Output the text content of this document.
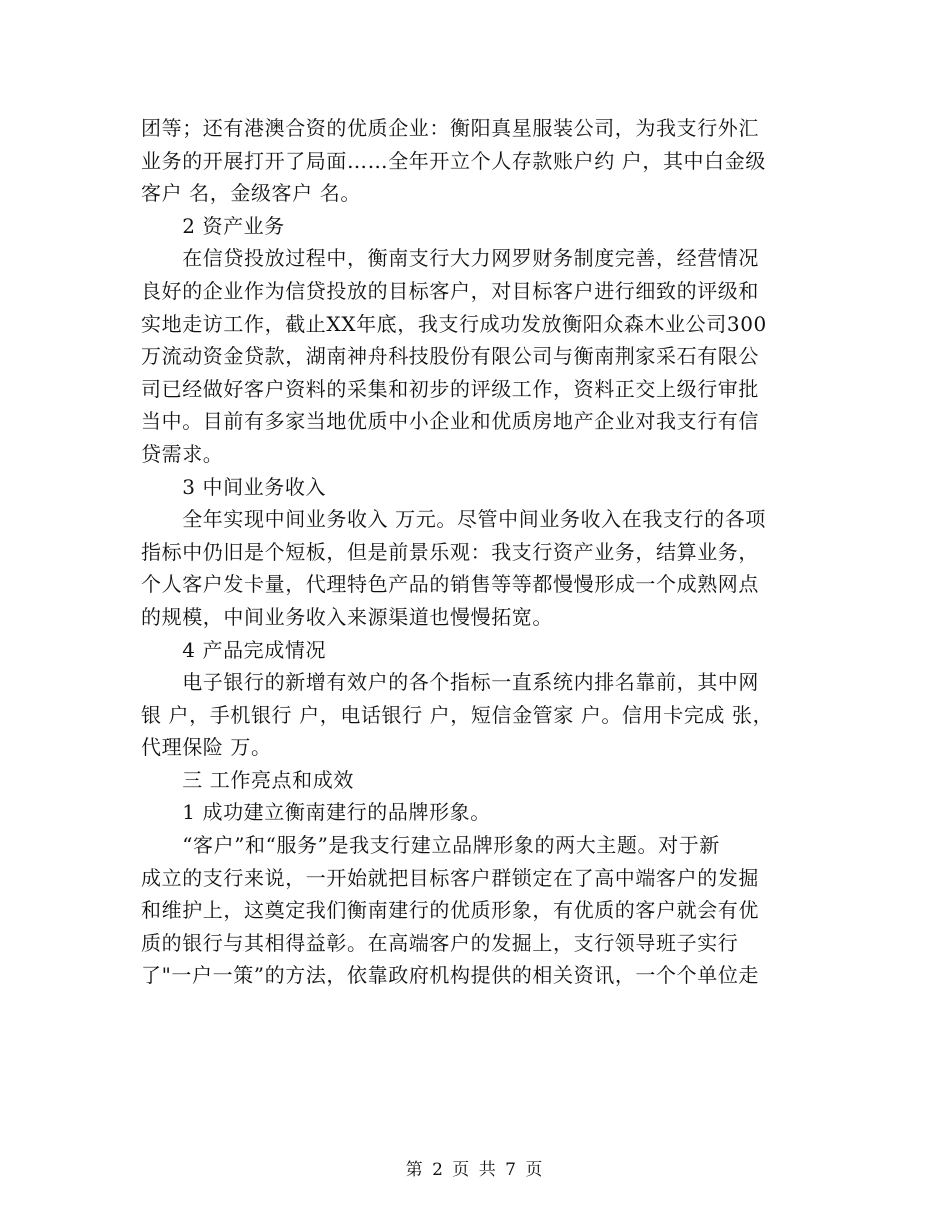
团等；还有港澳合资的优质企业：衡阳真星服装公司，为我支行外汇
业务的开展打开了局面……全年开立个人存款账户约 户，其中白金级
客户 名，金级客户 名。
　　2 资产业务
　　在信贷投放过程中，衡南支行大力网罗财务制度完善，经营情况
良好的企业作为信贷投放的目标客户，对目标客户进行细致的评级和
实地走访工作，截止XX年底，我支行成功发放衡阳众森木业公司300
万流动资金贷款，湖南神舟科技股份有限公司与衡南荆家采石有限公
司已经做好客户资料的采集和初步的评级工作，资料正交上级行审批
当中。目前有多家当地优质中小企业和优质房地产企业对我支行有信
贷需求。
　　3 中间业务收入
　　全年实现中间业务收入 万元。尽管中间业务收入在我支行的各项
指标中仍旧是个短板，但是前景乐观：我支行资产业务，结算业务，
个人客户发卡量，代理特色产品的销售等等都慢慢形成一个成熟网点
的规模，中间业务收入来源渠道也慢慢拓宽。
　　4 产品完成情况
　　电子银行的新增有效户的各个指标一直系统内排名靠前，其中网
银 户，手机银行 户，电话银行 户，短信金管家 户。信用卡完成 张，
代理保险 万。
　　三 工作亮点和成效
　　1 成功建立衡南建行的品牌形象。
　　“客户”和“服务”是我支行建立品牌形象的两大主题。对于新
成立的支行来说，一开始就把目标客户群锁定在了高中端客户的发掘
和维护上，这奠定我们衡南建行的优质形象，有优质的客户就会有优
质的银行与其相得益彰。在高端客户的发掘上，支行领导班子实行
了"一户一策”的方法，依靠政府机构提供的相关资讯，一个个单位走
第 2 页 共 7 页
